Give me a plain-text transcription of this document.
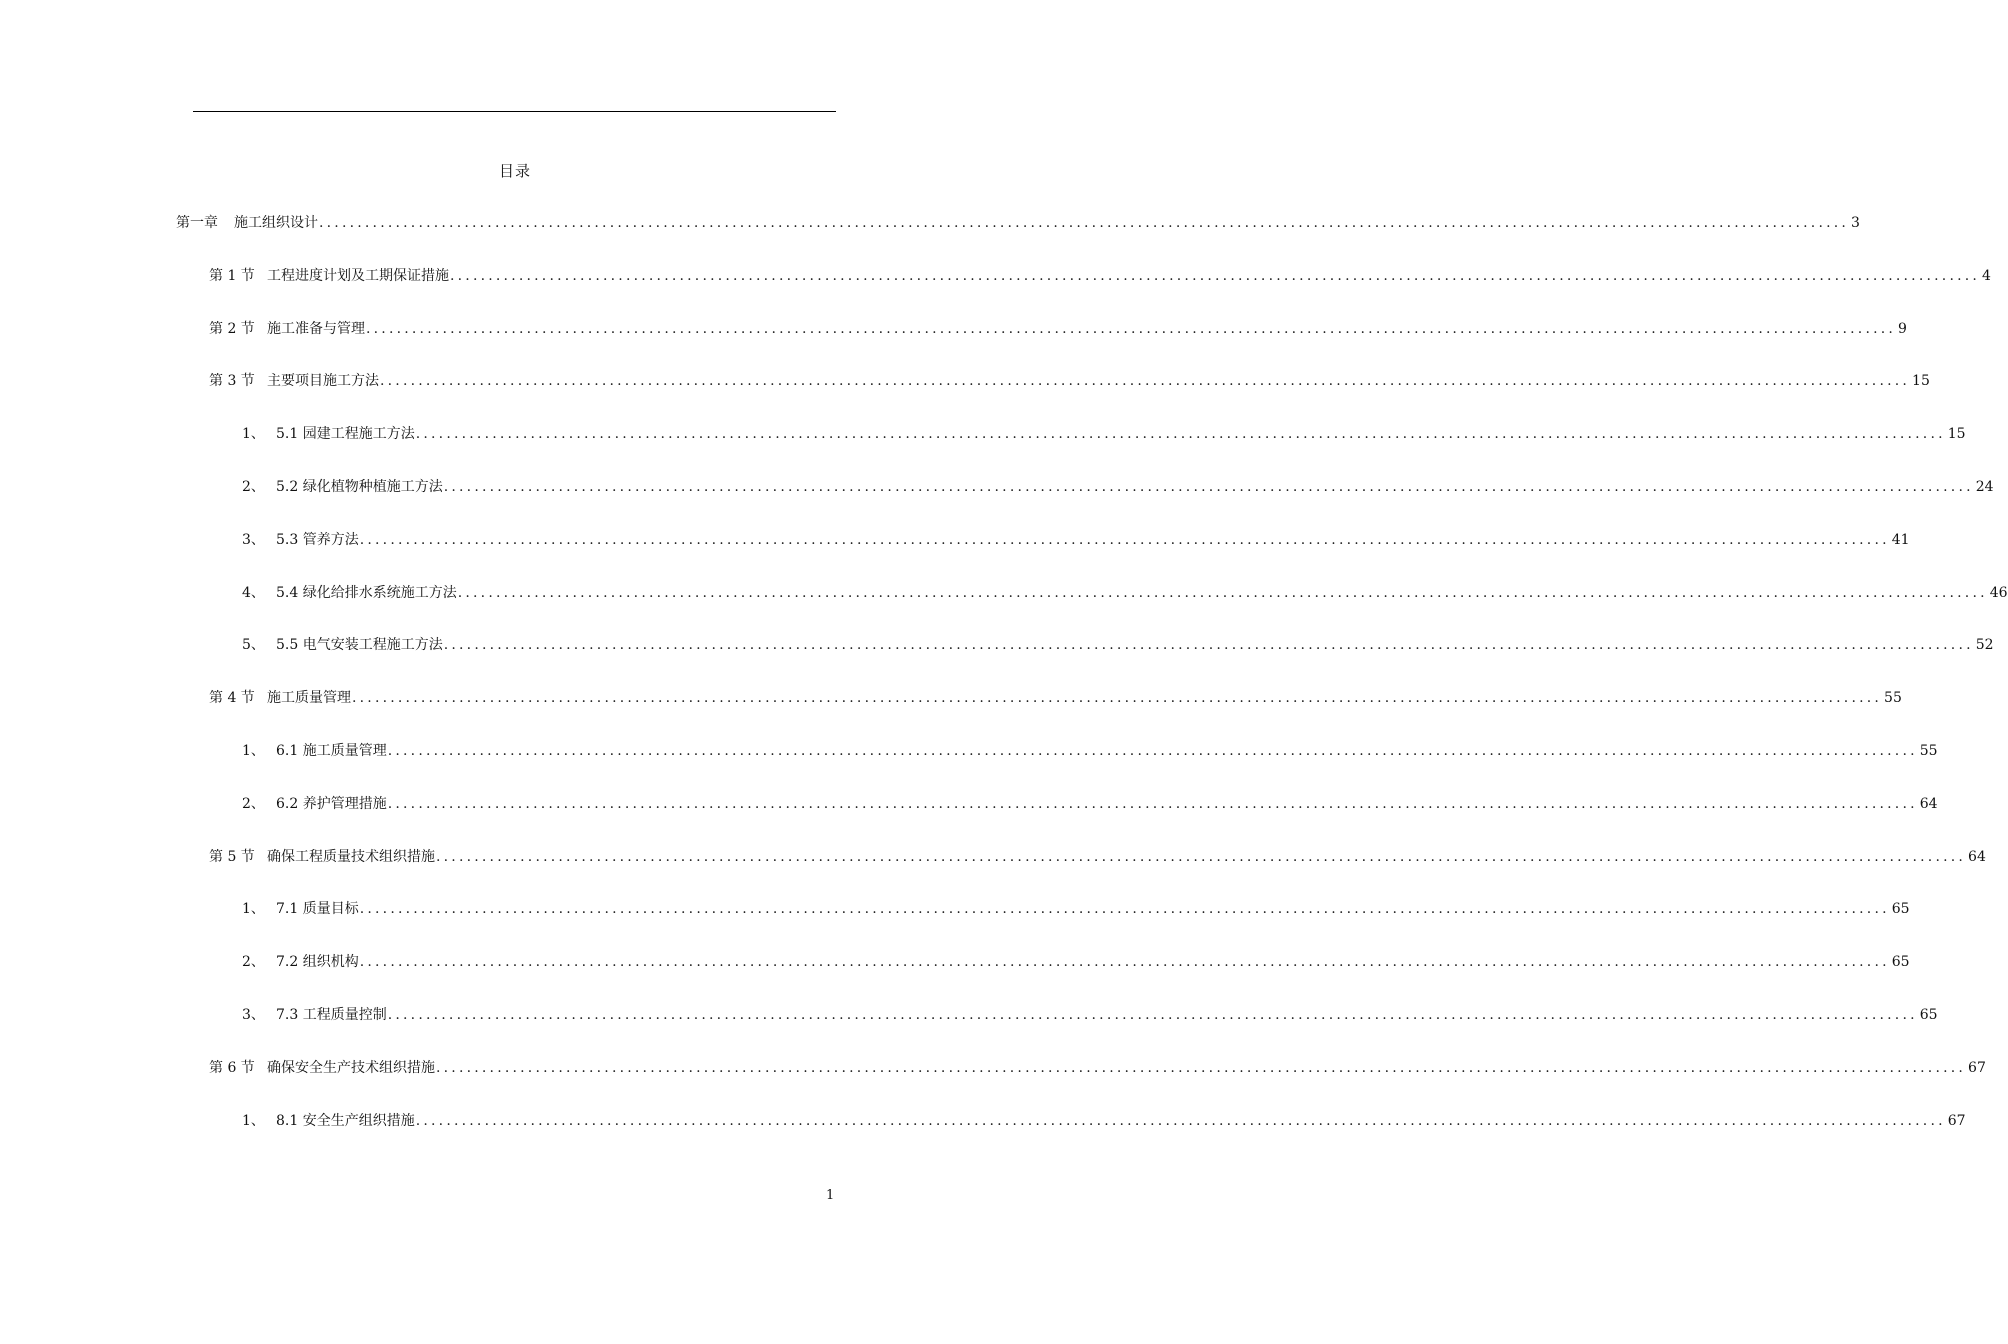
目录
第一章 施工组织设计 ........................................................................................................................................................................................................ 3
第 1 节 工程进度计划及工期保证措施 ........................................................................................................................................................................................................ 4
第 2 节 施工准备与管理 ........................................................................................................................................................................................................ 9
第 3 节 主要项目施工方法 ........................................................................................................................................................................................................ 15
1、 5.1 园建工程施工方法 ........................................................................................................................................................................................................ 15
2、 5.2 绿化植物种植施工方法 ........................................................................................................................................................................................................ 24
3、 5.3 管养方法 ........................................................................................................................................................................................................ 41
4、 5.4 绿化给排水系统施工方法 ........................................................................................................................................................................................................ 46
5、 5.5 电气安装工程施工方法 ........................................................................................................................................................................................................ 52
第 4 节 施工质量管理 ........................................................................................................................................................................................................ 55
1、 6.1 施工质量管理 ........................................................................................................................................................................................................ 55
2、 6.2 养护管理措施 ........................................................................................................................................................................................................ 64
第 5 节 确保工程质量技术组织措施 ........................................................................................................................................................................................................ 64
1、 7.1 质量目标 ........................................................................................................................................................................................................ 65
2、 7.2 组织机构 ........................................................................................................................................................................................................ 65
3、 7.3 工程质量控制 ........................................................................................................................................................................................................ 65
第 6 节 确保安全生产技术组织措施 ........................................................................................................................................................................................................ 67
1、 8.1 安全生产组织措施 ........................................................................................................................................................................................................ 67
1
